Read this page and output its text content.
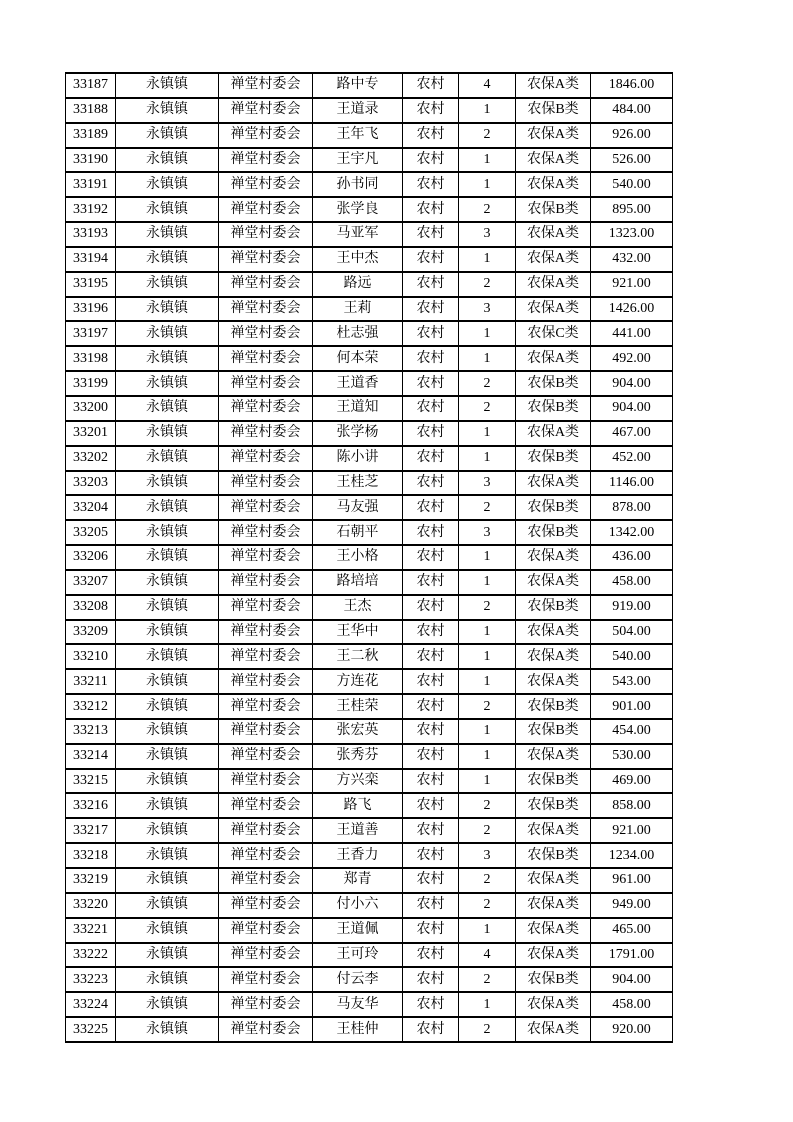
33187	永镇镇	禅堂村委会	路中专	农村	4	农保A类	1846.00
33188	永镇镇	禅堂村委会	王道录	农村	1	农保B类	484.00
33189	永镇镇	禅堂村委会	王年飞	农村	2	农保A类	926.00
33190	永镇镇	禅堂村委会	王宇凡	农村	1	农保A类	526.00
33191	永镇镇	禅堂村委会	孙书同	农村	1	农保A类	540.00
33192	永镇镇	禅堂村委会	张学良	农村	2	农保B类	895.00
33193	永镇镇	禅堂村委会	马亚军	农村	3	农保A类	1323.00
33194	永镇镇	禅堂村委会	王中杰	农村	1	农保A类	432.00
33195	永镇镇	禅堂村委会	路远	农村	2	农保A类	921.00
33196	永镇镇	禅堂村委会	王莉	农村	3	农保A类	1426.00
33197	永镇镇	禅堂村委会	杜志强	农村	1	农保C类	441.00
33198	永镇镇	禅堂村委会	何本荣	农村	1	农保A类	492.00
33199	永镇镇	禅堂村委会	王道香	农村	2	农保B类	904.00
33200	永镇镇	禅堂村委会	王道知	农村	2	农保B类	904.00
33201	永镇镇	禅堂村委会	张学杨	农村	1	农保A类	467.00
33202	永镇镇	禅堂村委会	陈小讲	农村	1	农保B类	452.00
33203	永镇镇	禅堂村委会	王桂芝	农村	3	农保A类	1146.00
33204	永镇镇	禅堂村委会	马友强	农村	2	农保B类	878.00
33205	永镇镇	禅堂村委会	石朝平	农村	3	农保B类	1342.00
33206	永镇镇	禅堂村委会	王小格	农村	1	农保A类	436.00
33207	永镇镇	禅堂村委会	路培培	农村	1	农保A类	458.00
33208	永镇镇	禅堂村委会	王杰	农村	2	农保B类	919.00
33209	永镇镇	禅堂村委会	王华中	农村	1	农保A类	504.00
33210	永镇镇	禅堂村委会	王二秋	农村	1	农保A类	540.00
33211	永镇镇	禅堂村委会	方连花	农村	1	农保A类	543.00
33212	永镇镇	禅堂村委会	王桂荣	农村	2	农保B类	901.00
33213	永镇镇	禅堂村委会	张宏英	农村	1	农保B类	454.00
33214	永镇镇	禅堂村委会	张秀芬	农村	1	农保A类	530.00
33215	永镇镇	禅堂村委会	方兴栾	农村	1	农保B类	469.00
33216	永镇镇	禅堂村委会	路飞	农村	2	农保B类	858.00
33217	永镇镇	禅堂村委会	王道善	农村	2	农保A类	921.00
33218	永镇镇	禅堂村委会	王香力	农村	3	农保B类	1234.00
33219	永镇镇	禅堂村委会	郑青	农村	2	农保A类	961.00
33220	永镇镇	禅堂村委会	付小六	农村	2	农保A类	949.00
33221	永镇镇	禅堂村委会	王道佩	农村	1	农保A类	465.00
33222	永镇镇	禅堂村委会	王可玲	农村	4	农保A类	1791.00
33223	永镇镇	禅堂村委会	付云李	农村	2	农保B类	904.00
33224	永镇镇	禅堂村委会	马友华	农村	1	农保A类	458.00
33225	永镇镇	禅堂村委会	王桂仲	农村	2	农保A类	920.00
